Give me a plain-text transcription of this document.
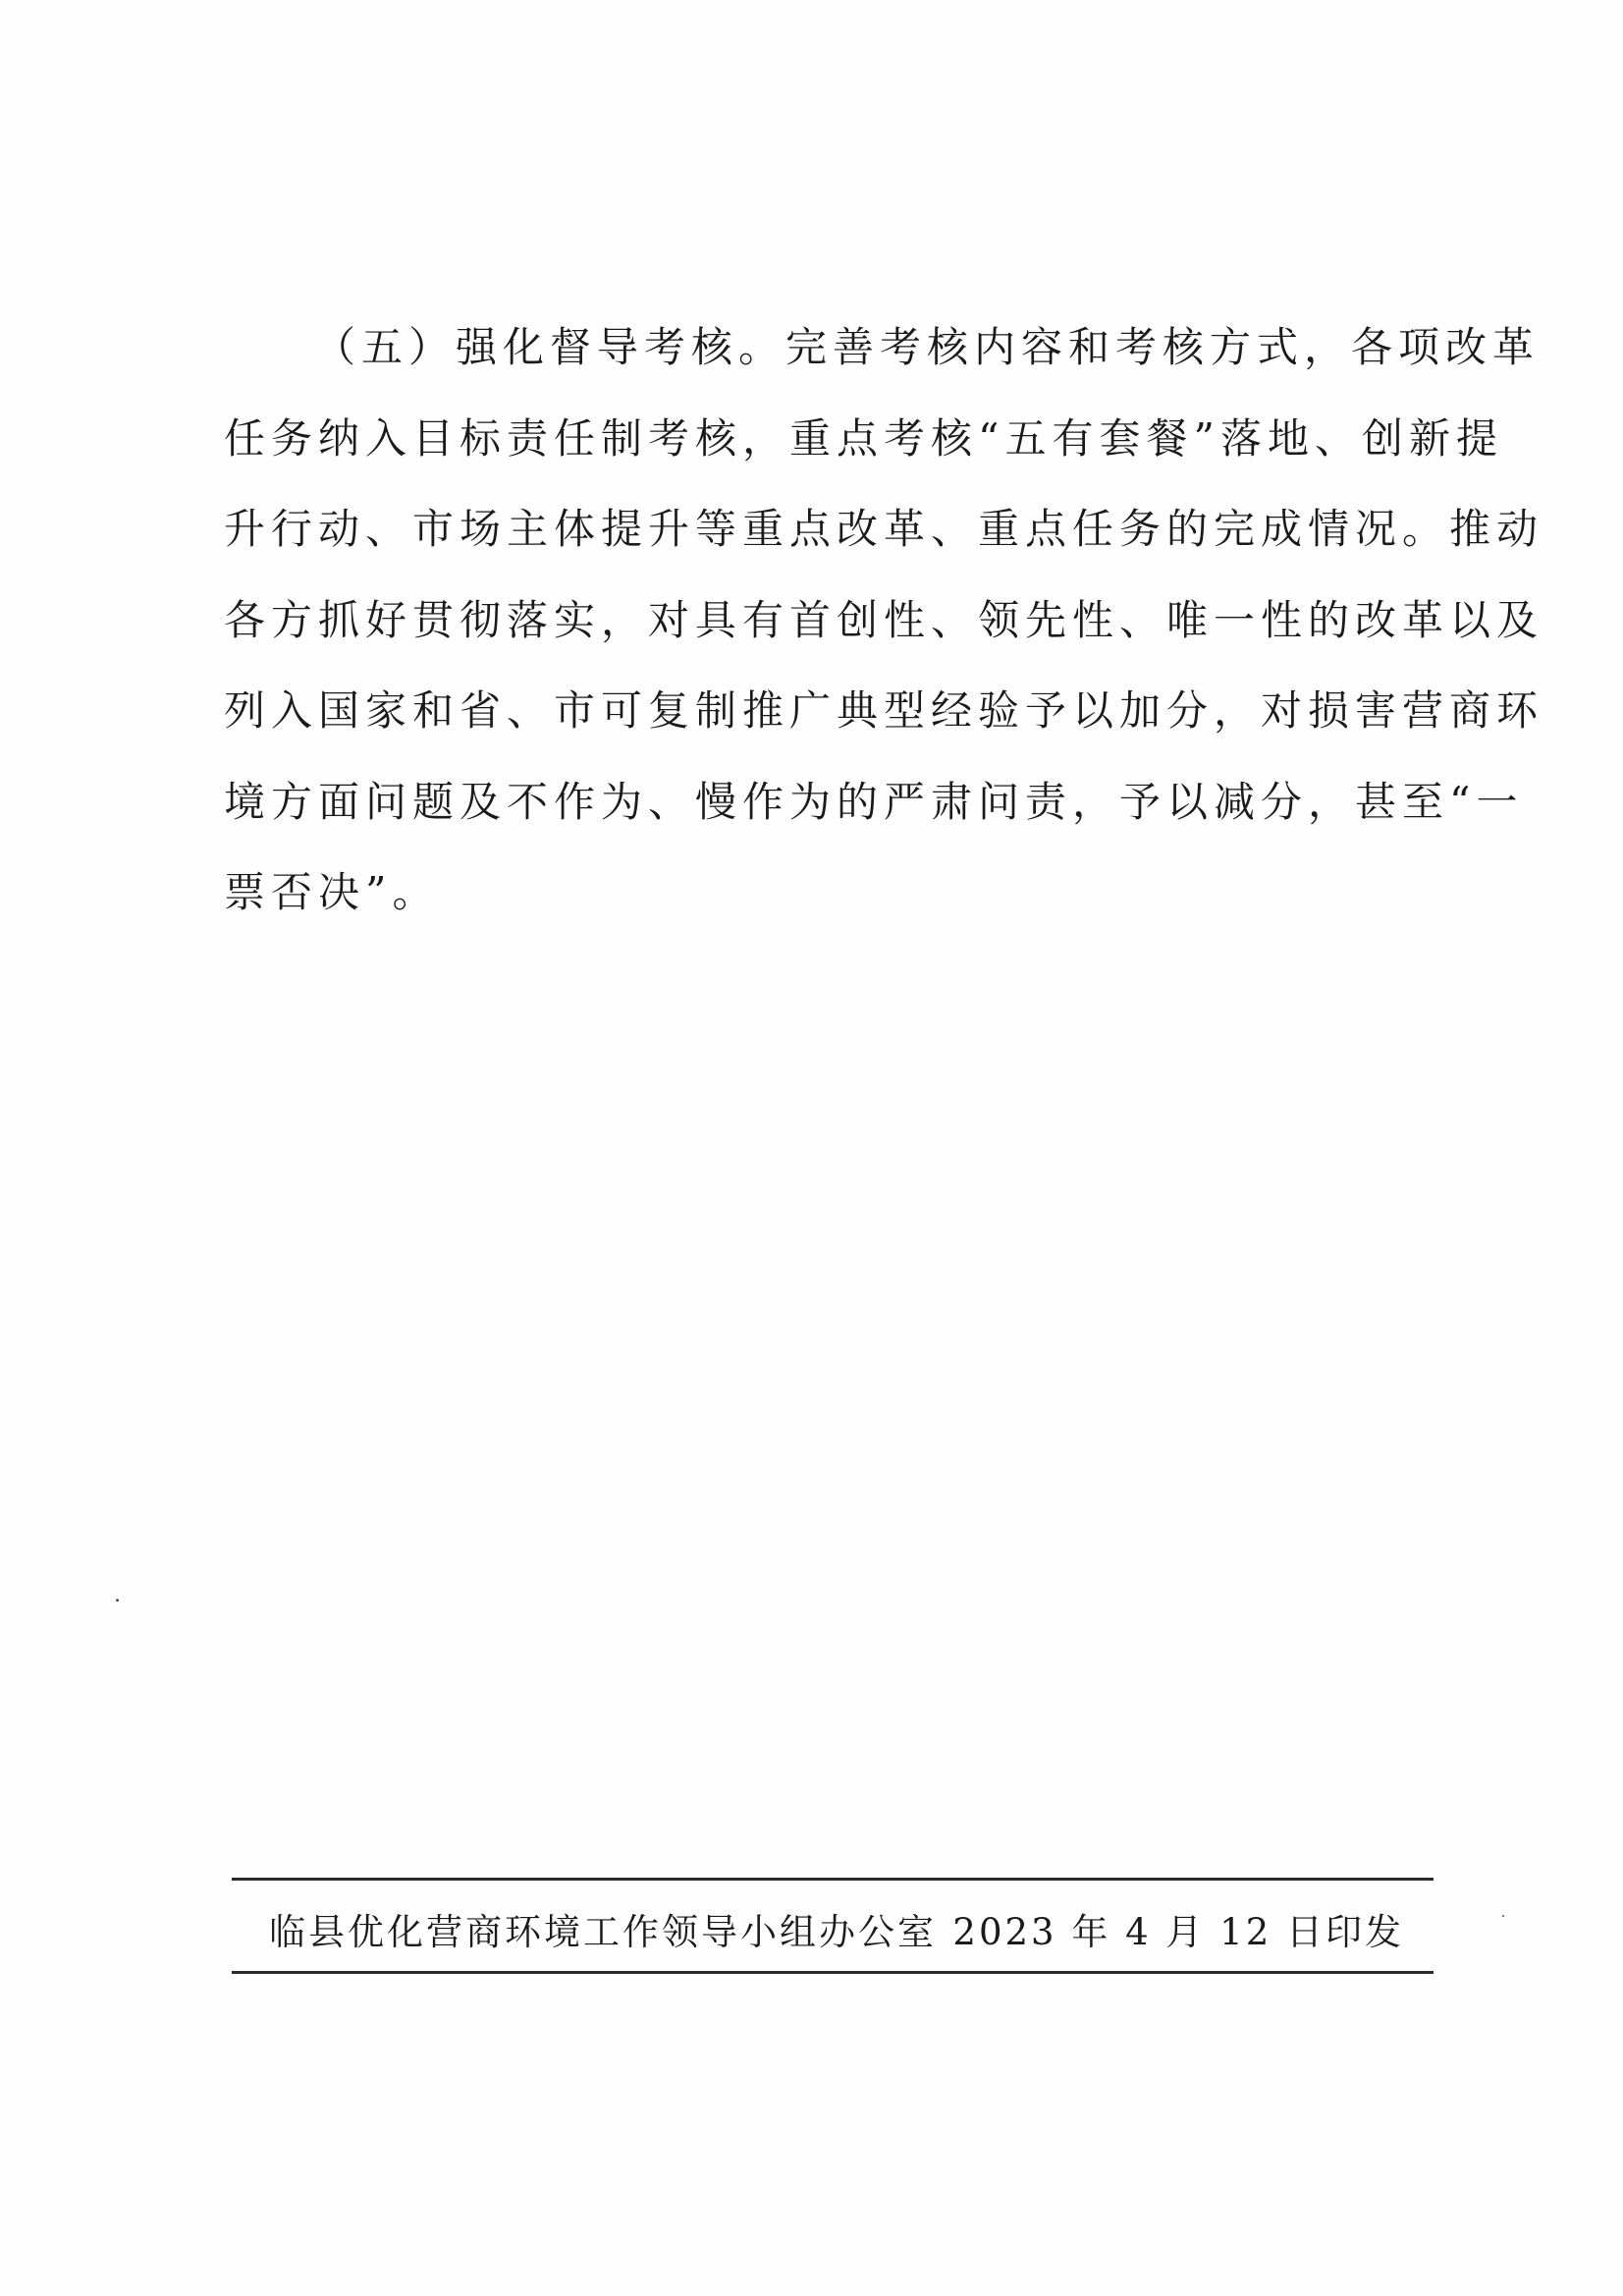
（五）强化督导考核。完善考核内容和考核方式，各项改革
任务纳入目标责任制考核，重点考核“五有套餐”落地、创新提
升行动、市场主体提升等重点改革、重点任务的完成情况。推动
各方抓好贯彻落实，对具有首创性、领先性、唯一性的改革以及
列入国家和省、市可复制推广典型经验予以加分，对损害营商环
境方面问题及不作为、慢作为的严肃问责，予以减分，甚至“一
票否决”。
临县优化营商环境工作领导小组办公室 2023 年 4 月 12 日印发
